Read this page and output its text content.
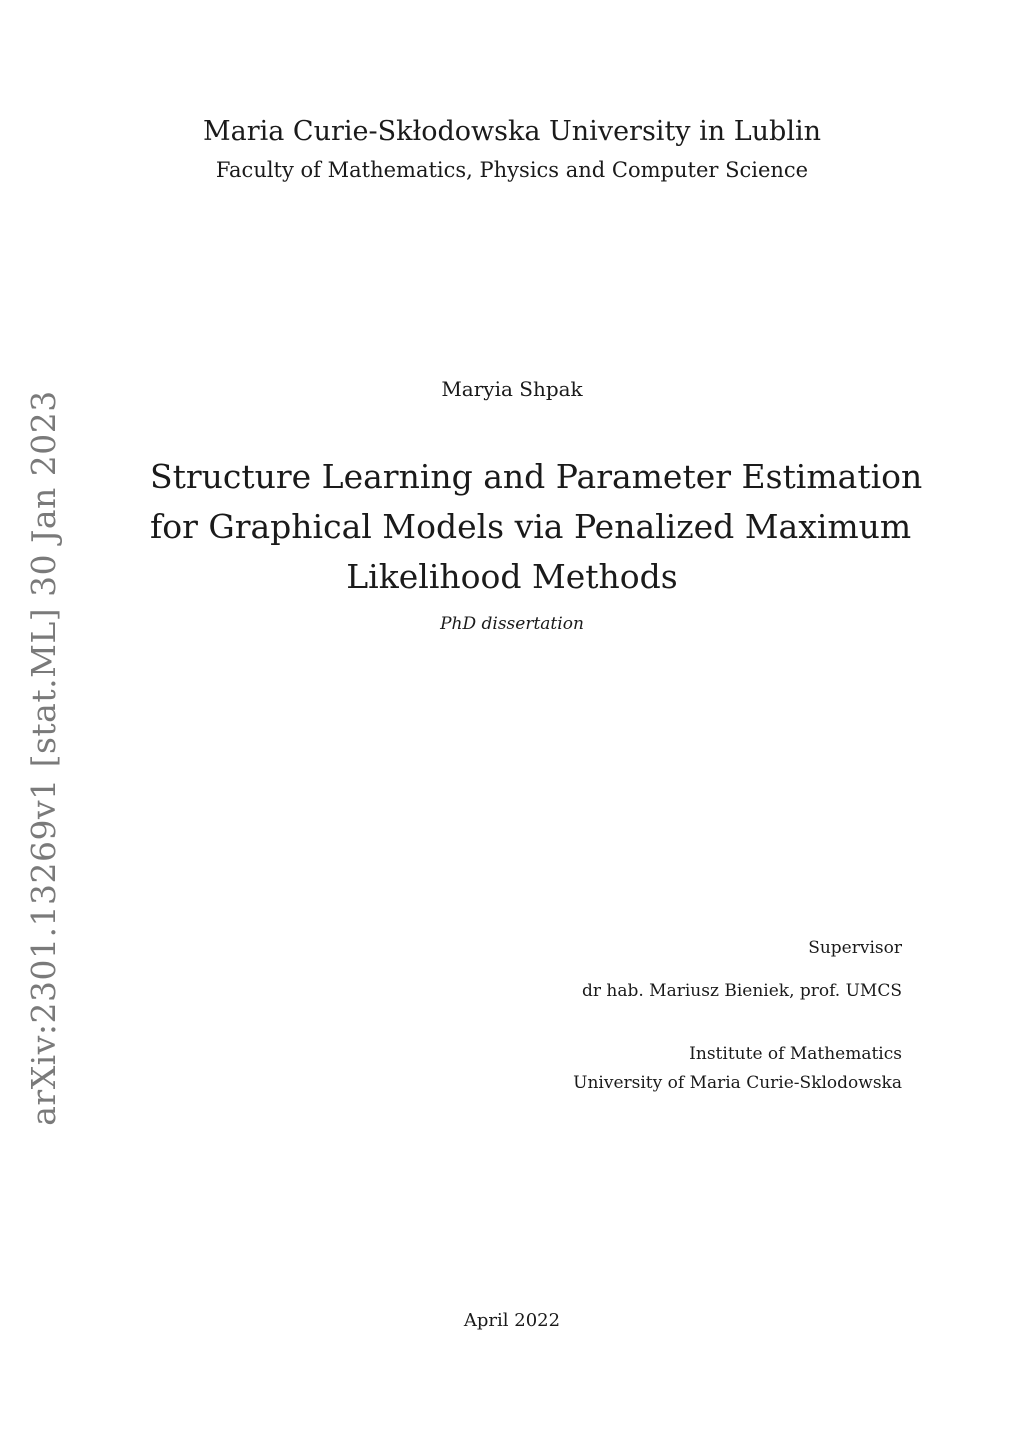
arXiv:2301.13269v1 [stat.ML] 30 Jan 2023
Maria Curie-Skłodowska University in Lublin
Faculty of Mathematics, Physics and Computer Science
Maryia Shpak
Structure Learning and Parameter Estimation
for Graphical Models via Penalized Maximum
Likelihood Methods
PhD dissertation
Supervisor
dr hab. Mariusz Bieniek, prof. UMCS
Institute of Mathematics
University of Maria Curie-Sklodowska
April 2022
